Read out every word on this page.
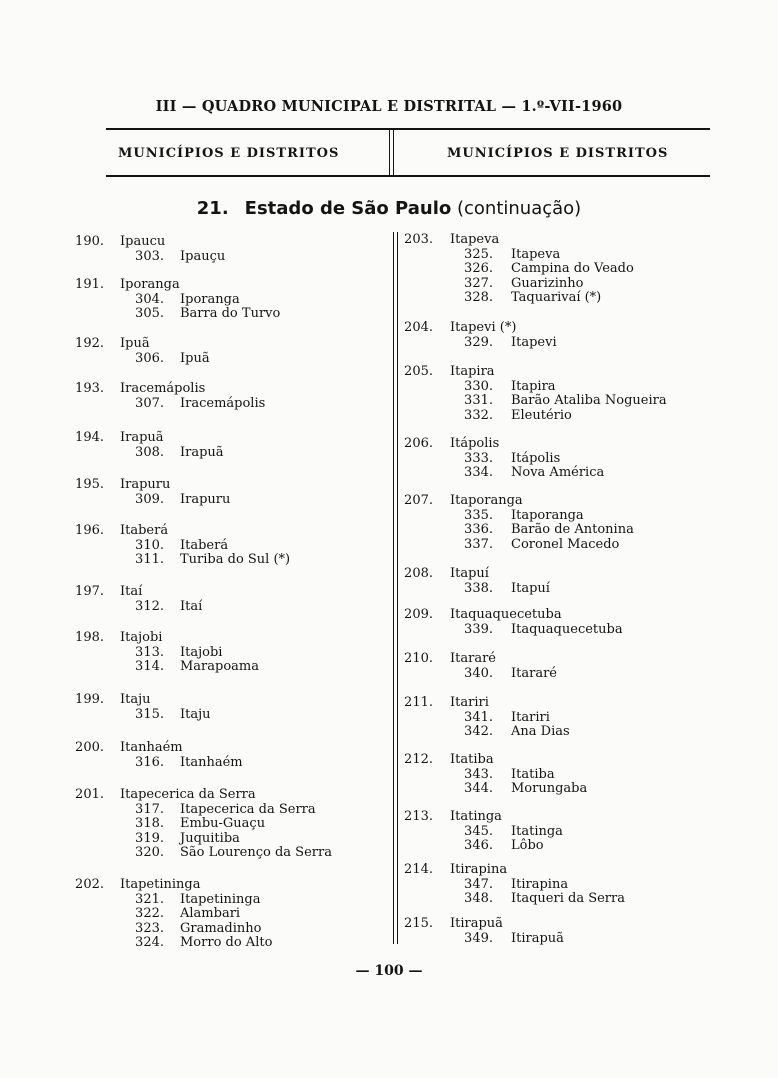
III — QUADRO MUNICIPAL E DISTRITAL — 1.º-VII-1960
MUNICÍPIOS E DISTRITOS	MUNICÍPIOS E DISTRITOS
21. Estado de São Paulo (continuação)
190. Ipaucu
303. Ipauçu
191. Iporanga
304. Iporanga
305. Barra do Turvo
192. Ipuã
306. Ipuã
193. Iracemápolis
307. Iracemápolis
194. Irapuã
308. Irapuã
195. Irapuru
309. Irapuru
196. Itaberá
310. Itaberá
311. Turiba do Sul (*)
197. Itaí
312. Itaí
198. Itajobi
313. Itajobi
314. Marapoama
199. Itaju
315. Itaju
200. Itanhaém
316. Itanhaém
201. Itapecerica da Serra
317. Itapecerica da Serra
318. Embu-Guaçu
319. Juquitiba
320. São Lourenço da Serra
202. Itapetininga
321. Itapetininga
322. Alambari
323. Gramadinho
324. Morro do Alto
203. Itapeva
325. Itapeva
326. Campina do Veado
327. Guarizinho
328. Taquarivaí (*)
204. Itapevi (*)
329. Itapevi
205. Itapira
330. Itapira
331. Barão Ataliba Nogueira
332. Eleutério
206. Itápolis
333. Itápolis
334. Nova América
207. Itaporanga
335. Itaporanga
336. Barão de Antonina
337. Coronel Macedo
208. Itapuí
338. Itapuí
209. Itaquaquecetuba
339. Itaquaquecetuba
210. Itararé
340. Itararé
211. Itariri
341. Itariri
342. Ana Dias
212. Itatiba
343. Itatiba
344. Morungaba
213. Itatinga
345. Itatinga
346. Lôbo
214. Itirapina
347. Itirapina
348. Itaqueri da Serra
215. Itirapuã
349. Itirapuã
— 100 —
